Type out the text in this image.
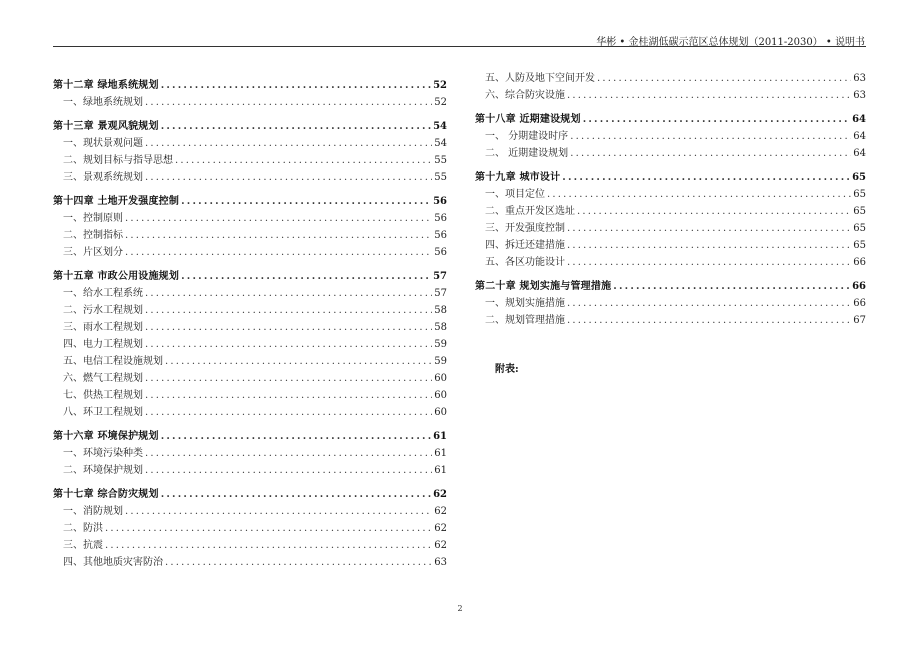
华彬 • 金桂湖低碳示范区总体规划（2011-2030） • 说明书
第十二章 绿地系统规划 .....	52
一、绿地系统规划 .....	52
第十三章 景观风貌规划 .....	54
一、现状景观问题 .....	54
二、规划目标与指导思想 .....	55
三、景观系统规划 .....	55
第十四章 土地开发强度控制 .....	56
一、控制原则 .....	56
二、控制指标 .....	56
三、片区划分 .....	56
第十五章 市政公用设施规划 .....	57
一、给水工程系统 .....	57
二、污水工程规划 .....	58
三、雨水工程规划 .....	58
四、电力工程规划 .....	59
五、电信工程设施规划 .....	59
六、燃气工程规划 .....	60
七、供热工程规划 .....	60
八、环卫工程规划 .....	60
第十六章 环境保护规划 .....	61
一、环境污染种类 .....	61
二、环境保护规划 .....	61
第十七章 综合防灾规划 .....	62
一、消防规划 .....	62
二、防洪 .....	62
三、抗震 .....	62
四、其他地质灾害防治 .....	63
五、人防及地下空间开发 .....	63
六、综合防灾设施 .....	63
第十八章 近期建设规划 .....	64
一、 分期建设时序 .....	64
二、 近期建设规划 .....	64
第十九章 城市设计 .....	65
一、项目定位 .....	65
二、重点开发区选址 .....	65
三、开发强度控制 .....	65
四、拆迁还建措施 .....	65
五、各区功能设计 .....	66
第二十章 规划实施与管理措施 .....	66
一、规划实施措施 .....	66
二、规划管理措施 .....	67
附表:
2
